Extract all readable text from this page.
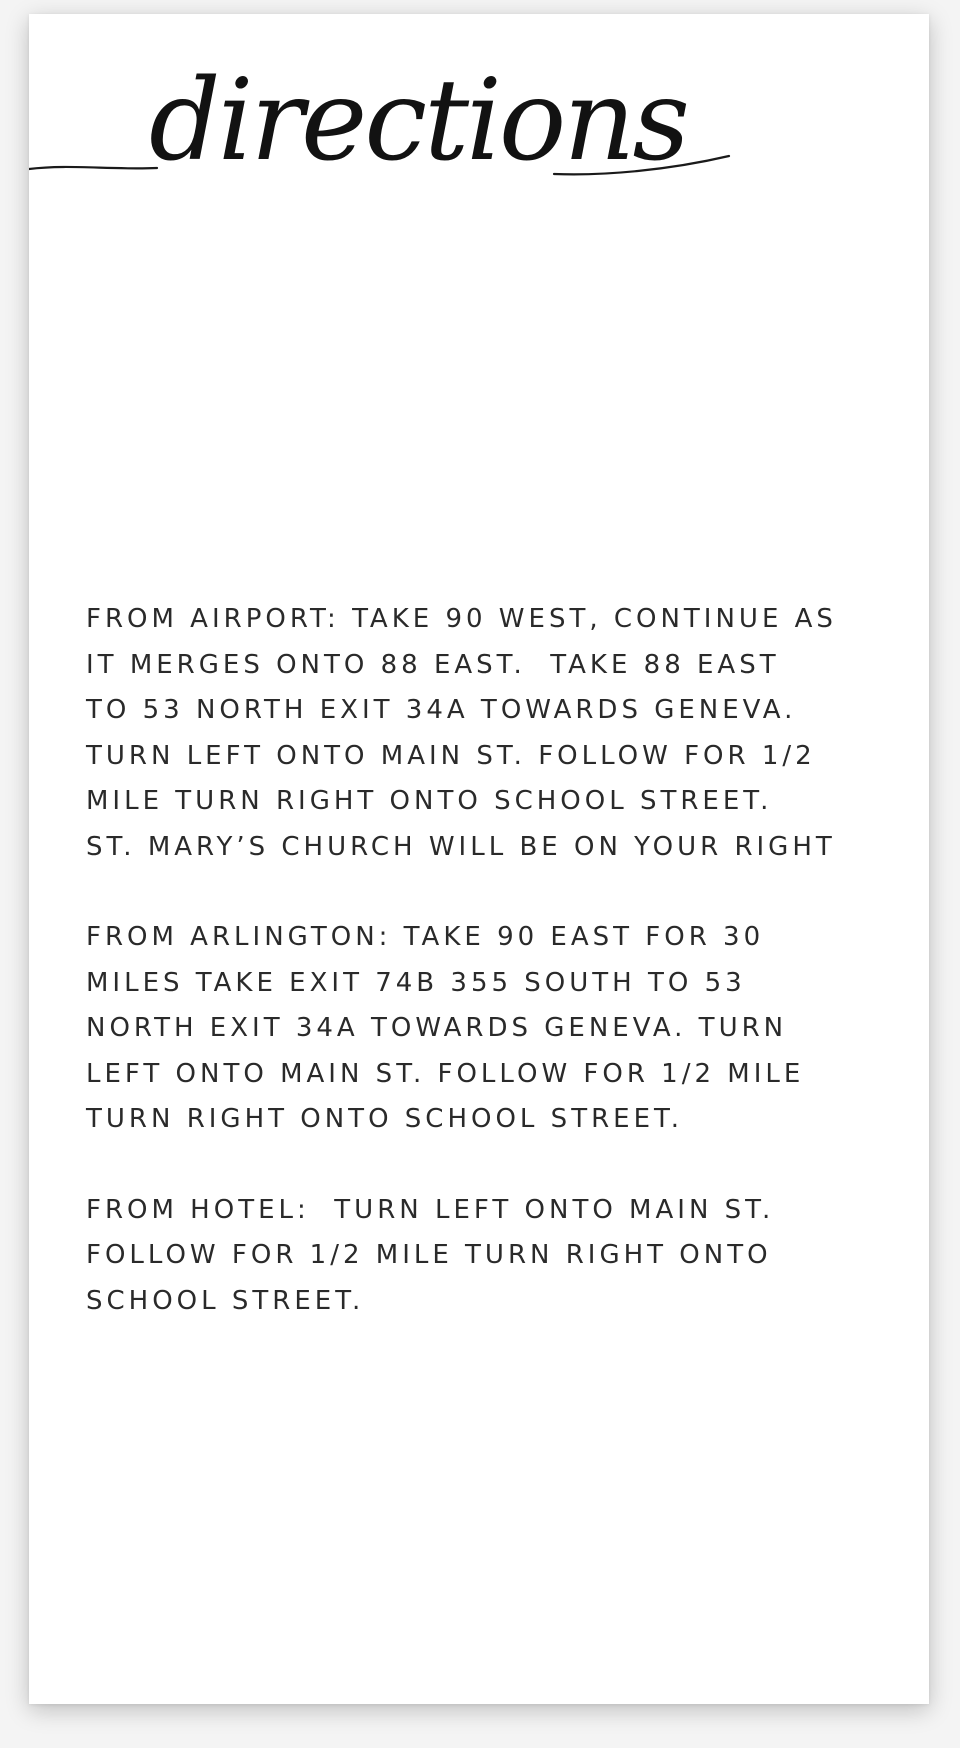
directions
FROM AIRPORT: TAKE 90 WEST, CONTINUE AS
IT MERGES ONTO 88 EAST.  TAKE 88 EAST
TO 53 NORTH EXIT 34A TOWARDS GENEVA.
TURN LEFT ONTO MAIN ST. FOLLOW FOR 1/2
MILE TURN RIGHT ONTO SCHOOL STREET.
ST. MARY’S CHURCH WILL BE ON YOUR RIGHT
FROM ARLINGTON: TAKE 90 EAST FOR 30
MILES TAKE EXIT 74B 355 SOUTH TO 53
NORTH EXIT 34A TOWARDS GENEVA. TURN
LEFT ONTO MAIN ST. FOLLOW FOR 1/2 MILE
TURN RIGHT ONTO SCHOOL STREET.
FROM HOTEL:  TURN LEFT ONTO MAIN ST.
FOLLOW FOR 1/2 MILE TURN RIGHT ONTO
SCHOOL STREET.
